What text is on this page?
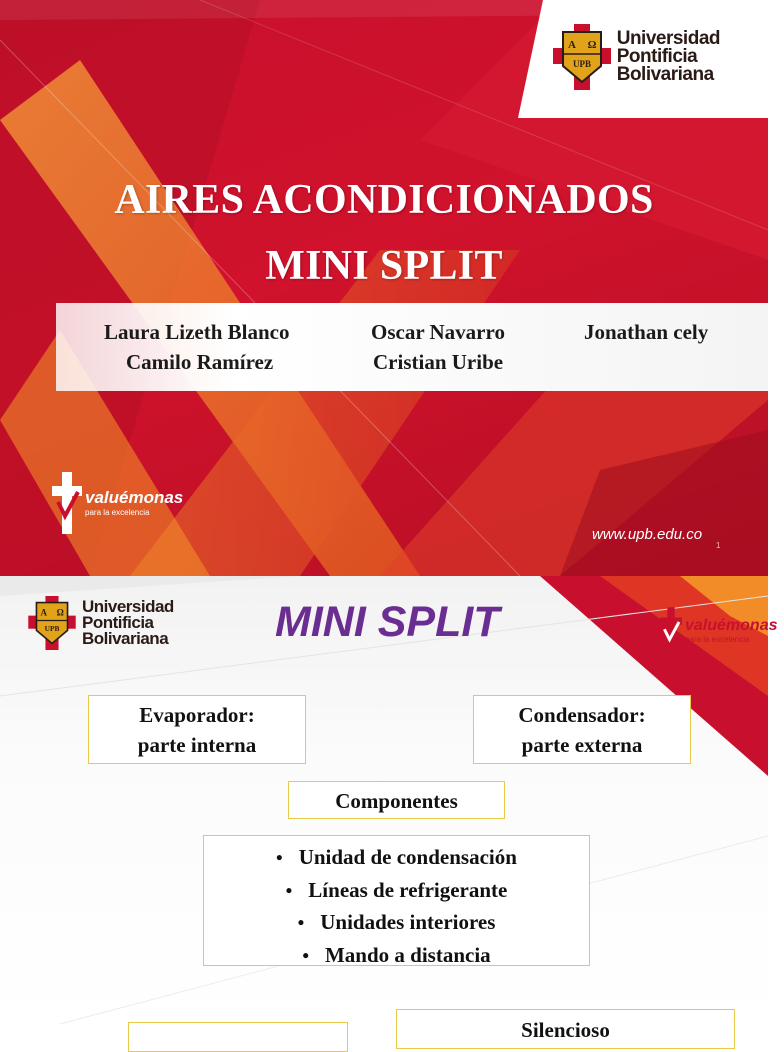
A Ω
UPB
Universidad
Pontificia
Bolivariana
AIRES ACONDICIONADOS
MINI SPLIT
Laura Lizeth Blanco
Camilo Ramírez
Oscar Navarro
Cristian Uribe
Jonathan cely
valuémonas
para la excelencia
www.upb.edu.co
1
A Ω
UPB
Universidad
Pontificia
Bolivariana MINI SPLIT	valuémonas
para la excelencia
Evaporador:
parte interna
Condensador:
parte externa
Componentes
• Unidad de condensación
• Líneas de refrigerante
• Unidades interiores
• Mando a distancia
Silencioso
